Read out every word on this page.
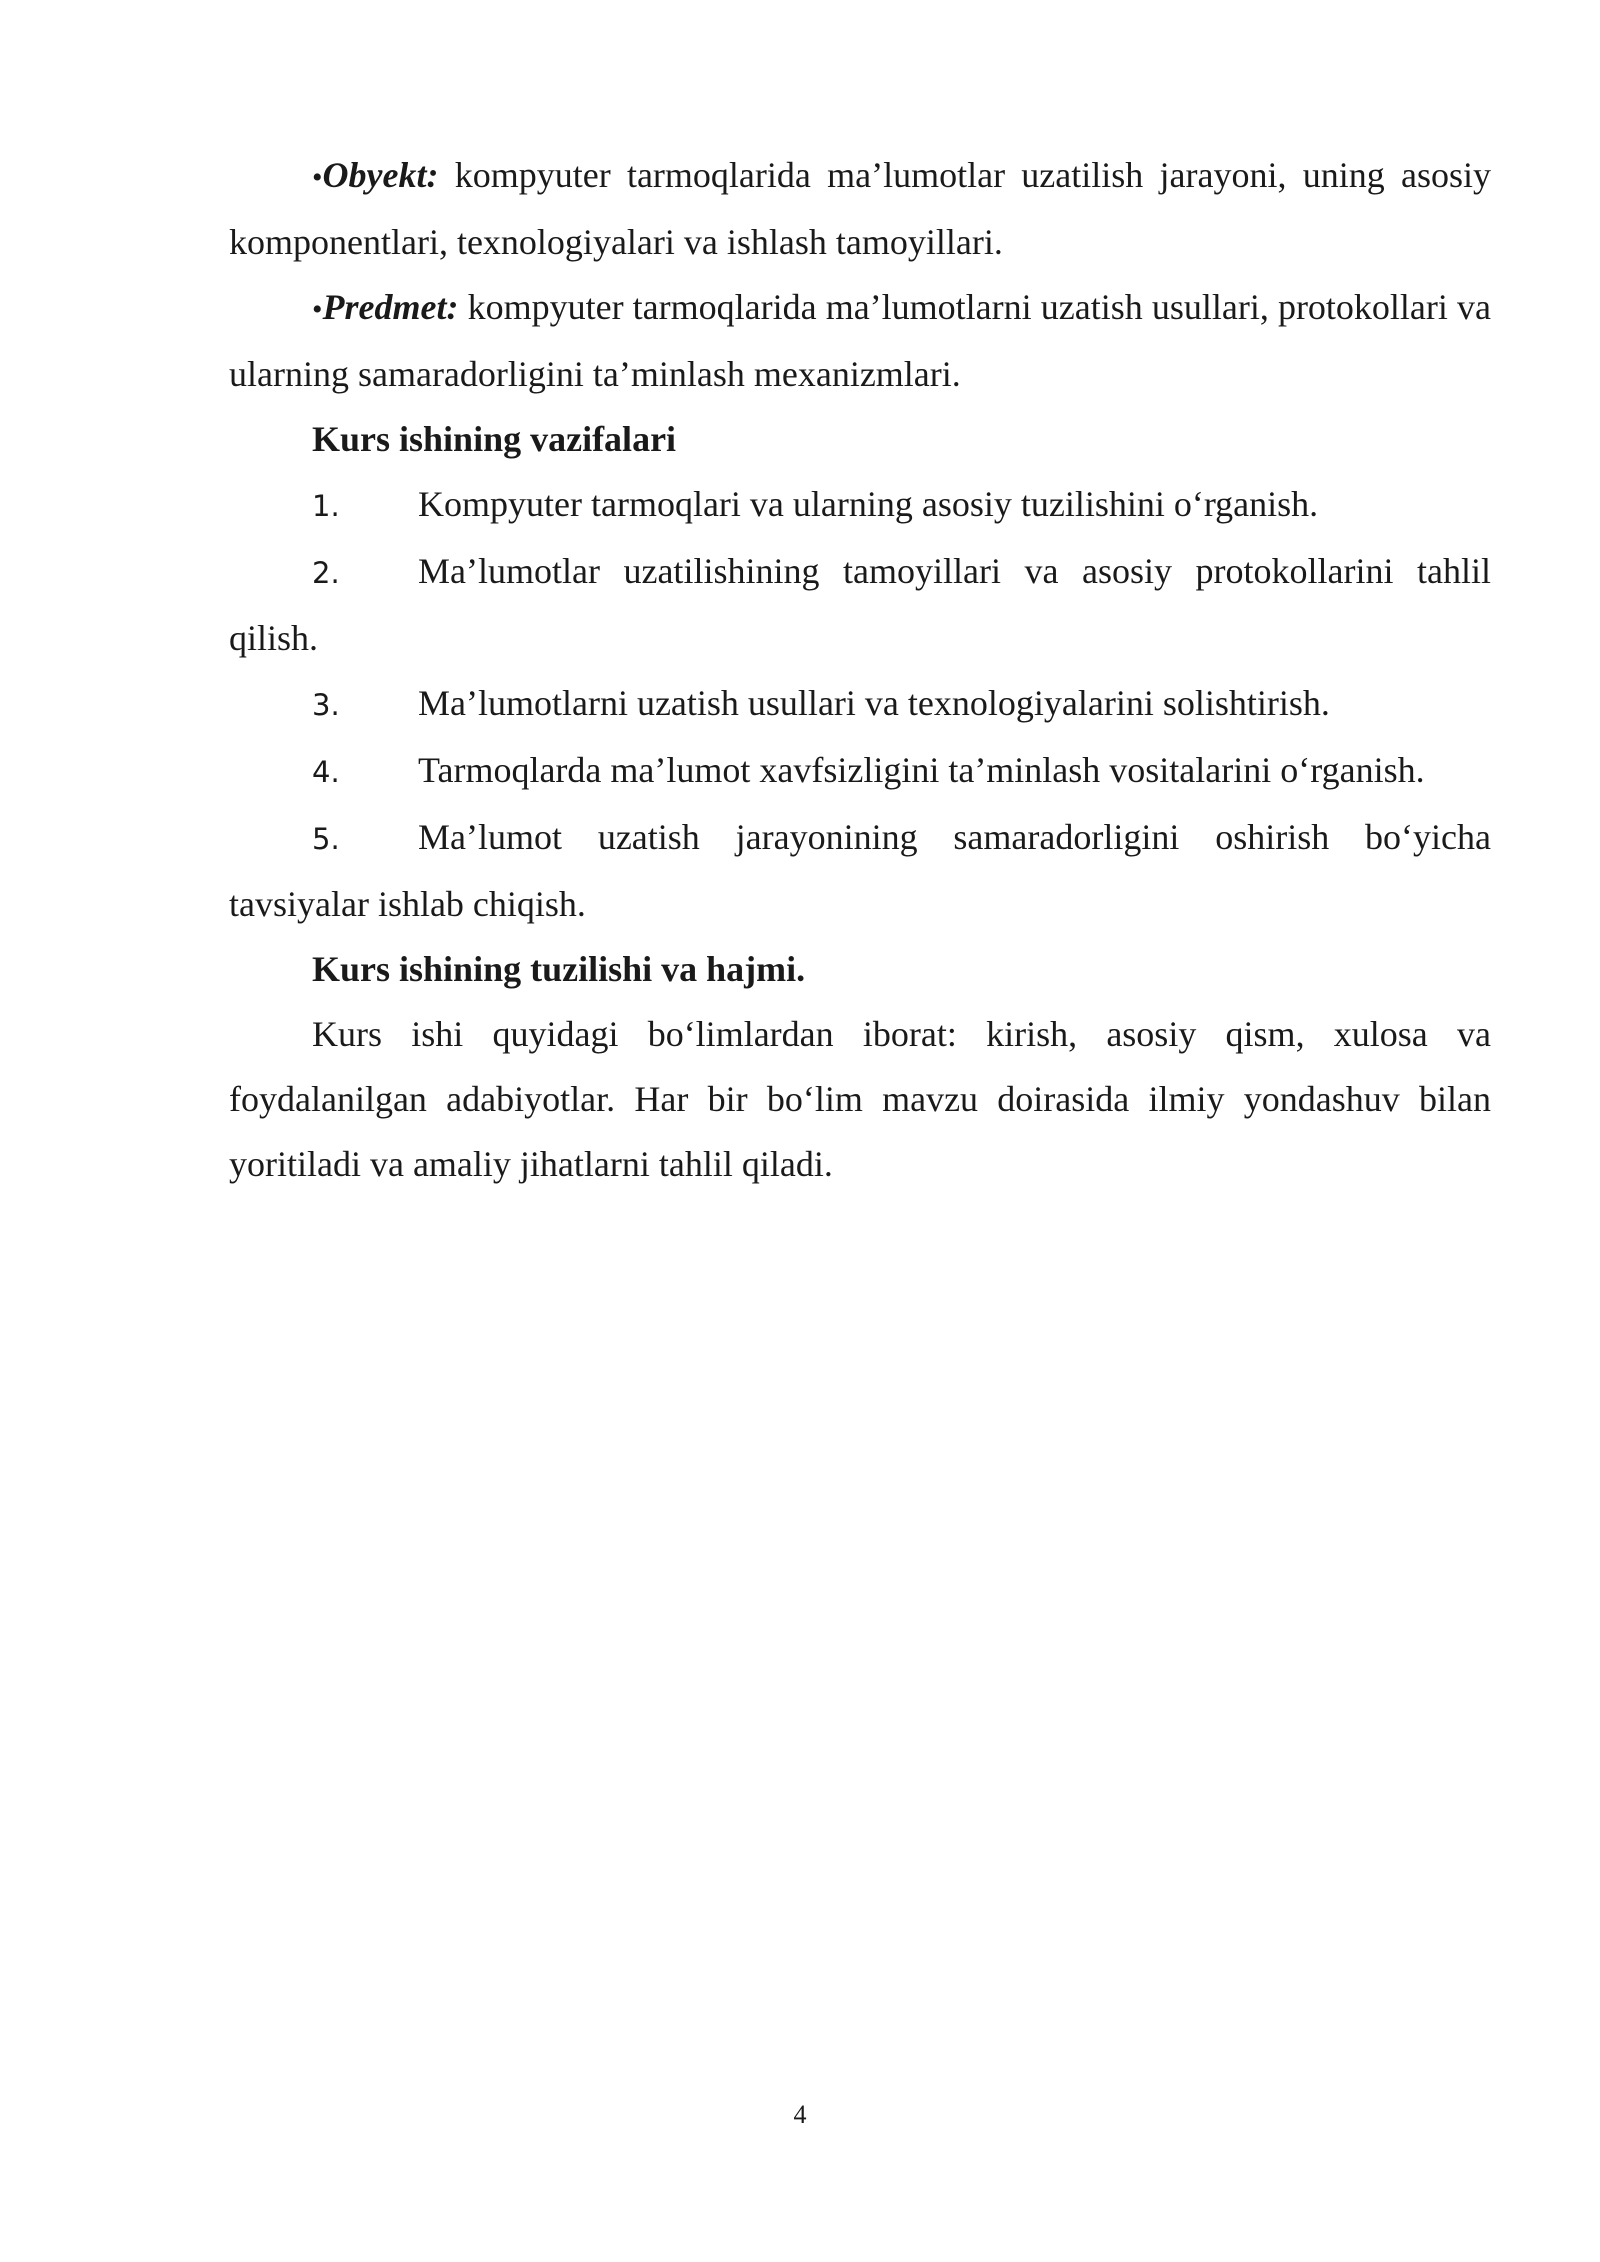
•Obyekt: kompyuter tarmoqlarida ma’lumotlar uzatilish jarayoni, uning asosiy komponentlari, texnologiyalari va ishlash tamoyillari.

•Predmet: kompyuter tarmoqlarida ma’lumotlarni uzatish usullari, protokollari va ularning samaradorligini ta’minlash mexanizmlari.

Kurs ishining vazifalari

1. Kompyuter tarmoqlari va ularning asosiy tuzilishini o‘rganish.

2. Ma’lumotlar uzatilishining tamoyillari va asosiy protokollarini tahlil qilish.

3. Ma’lumotlarni uzatish usullari va texnologiyalarini solishtirish.

4. Tarmoqlarda ma’lumot xavfsizligini ta’minlash vositalarini o‘rganish.

5. Ma’lumot uzatish jarayonining samaradorligini oshirish bo‘yicha tavsiyalar ishlab chiqish.

Kurs ishining tuzilishi va hajmi.

Kurs ishi quyidagi bo‘limlardan iborat: kirish, asosiy qism, xulosa va foydalanilgan adabiyotlar. Har bir bo‘lim mavzu doirasida ilmiy yondashuv bilan yoritiladi va amaliy jihatlarni tahlil qiladi.

4
